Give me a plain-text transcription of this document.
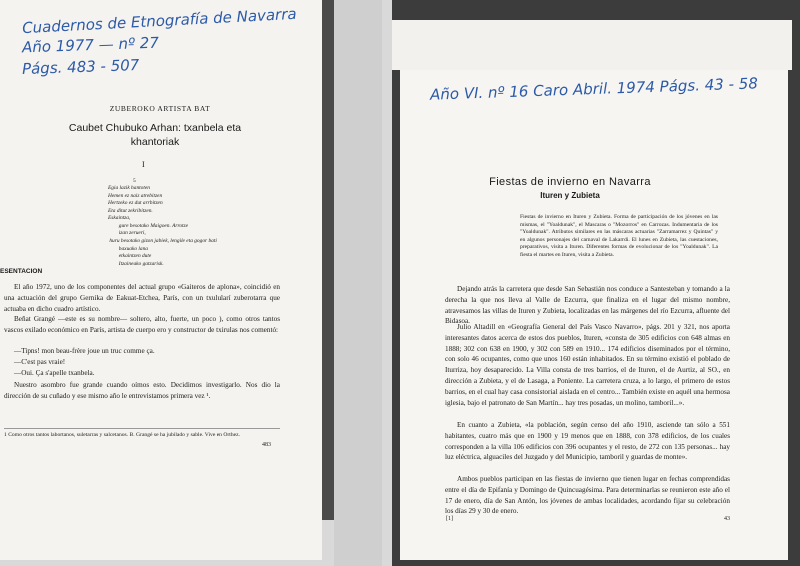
Cuadernos de Etnografía de Navarra
Año 1977 — nº 27
Págs. 483 - 507
ZUBEROKO ARTISTA BAT
Caubet Chubuko Arhan: txanbela eta
khantoriak
I
5
Egia lazik hantoten
Hemen ez naiz atrebitzen
Hertzeko ez dut arrbitzen
Eta ditut zekribitzen.
Eskaintza,
gure besotako Maigoen. Arrotze
izan zerueri,
huru besotako gizon jabiek, lengile eta gogor bati
baxuako lana
etkaintzen dute
Itzaineako gatzarisk.
ESENTACION
El año 1972, uno de los componentes del actual grupo «Gaiteros de aplona», coincidió en una actuación del grupo Gernika de Eakuat-Etchea, París, con un txulularí zuberotarra que actuaba en dicho cuadro artístico.
Beñat Grangé —este es su nombre— soltero, alto, fuerte, un poco ), como otros tantos vascos exilado económico en París, artista de cuerpo ero y constructor de txirulas nos comentó:
—Tipns! mon beau-frère joue un truc comme ça.
—C'est pas vraie!
—Oui. Ça s'apelle txanbela.
Nuestro asombro fue grande cuando oímos esto. Decidimos investigarlo. Nos dio la dirección de su cuñado y ese mismo año le entrevistamos primera vez ¹.
1 Como otros tantos labortanos, suletarras y salcetanos. B. Grangé se ha jubilado y sable. Vive en Orthez.
483
Año VI. nº 16 Caro Abril. 1974 Págs. 43 - 58
Fiestas de invierno en Navarra
Ituren y Zubieta
Fiestas de invierno en Ituren y Zubieta. Forma de participación de los jóvenes en las mismas, el "Yoaldunak", el Mascaras o "Mozorros" en Carrozas. Indumentaria de los "Yoaldunak". Atributos similares en las máscaras actuarias "Zarramarrez y Quintas" y en algunos personajes del carnaval de Lakarrdi. El lunes en Zubieta, las cuestaciones, preparativos, visita a Ituren. Diferentes formas de evolucionar de los "Yoaldunak". La fiesta el martes en Ituren, visita a Zubieta.
Dejando atrás la carretera que desde San Sebastián nos conduce a Santesteban y tomando a la derecha la que nos lleva al Valle de Ezcurra, que finaliza en el lugar del mismo nombre, atravesamos las villas de Ituren y Zubieta, localizadas en las márgenes del río Ezcurra, afluente del Bidasoa.
Julio Altadill en «Geografía General del País Vasco Navarro», págs. 201 y 321, nos aporta interesantes datos acerca de estos dos pueblos, Ituren, «consta de 305 edificios con 648 almas en 1888; 302 con 638 en 1900, y 302 con 589 en 1910... 174 edificios diseminados por el término, con solo 46 ocupantes, como que unos 160 están inhabitados. En su término existió el poblado de Iturriza, hoy desaparecido. La Villa consta de tres barrios, el de Ituren, el de Aurtiz, al SO., en dirección a Zubieta, y el de Lasaga, a Poniente. La carretera cruza, a lo largo, el primero de estos barrios, en el cual hay casa consistorial aislada en el centro... También existe en aquél una hermosa iglesia, bajo el patronato de San Martín... hay tres posadas, un molino, tamboril...».
En cuanto a Zubieta, «la población, según censo del año 1910, asciende tan sólo a 551 habitantes, cuatro más que en 1900 y 19 menos que en 1888, con 378 edificios, de los cuales corresponden a la villa 106 edificios con 396 ocupantes y el resto, de 272 con 135 personas... hay luz eléctrica, alguaciles del Juzgado y del Municipio, tamboril y guardas de monte».
Ambos pueblos participan en las fiestas de invierno que tienen lugar en fechas comprendidas entre el día de Epifanía y Domingo de Quincuagésima. Para determinarlas se reunieron este año el 17 de enero, día de San Antón, los jóvenes de ambas localidades, acordando fijar su celebración los días 29 y 30 de enero.
[1]	43
